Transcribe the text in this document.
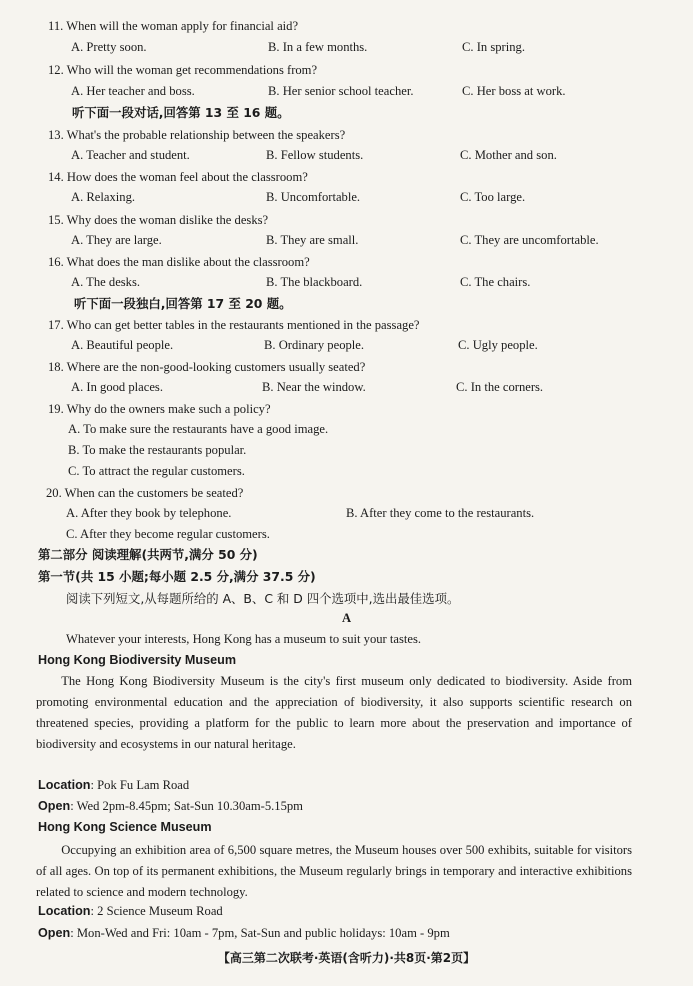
11. When will the woman apply for financial aid?
A. Pretty soon.	B. In a few months.	C. In spring.
12. Who will the woman get recommendations from?
A. Her teacher and boss.	B. Her senior school teacher.	C. Her boss at work.
听下面一段对话,回答第 13 至 16 题。
13. What's the probable relationship between the speakers?
A. Teacher and student.	B. Fellow students.	C. Mother and son.
14. How does the woman feel about the classroom?
A. Relaxing.	B. Uncomfortable.	C. Too large.
15. Why does the woman dislike the desks?
A. They are large.	B. They are small.	C. They are uncomfortable.
16. What does the man dislike about the classroom?
A. The desks.	B. The blackboard.	C. The chairs.
听下面一段独白,回答第 17 至 20 题。
17. Who can get better tables in the restaurants mentioned in the passage?
A. Beautiful people.	B. Ordinary people.	C. Ugly people.
18. Where are the non-good-looking customers usually seated?
A. In good places.	B. Near the window.	C. In the corners.
19. Why do the owners make such a policy?
A. To make sure the restaurants have a good image.
B. To make the restaurants popular.
C. To attract the regular customers.
20. When can the customers be seated?
A. After they book by telephone.	B. After they come to the restaurants.
C. After they become regular customers.
第二部分 阅读理解(共两节,满分 50 分)
第一节(共 15 小题;每小题 2.5 分,满分 37.5 分)
阅读下列短文,从每题所给的 A、B、C 和 D 四个选项中,选出最佳选项。
A
Whatever your interests, Hong Kong has a museum to suit your tastes.
Hong Kong Biodiversity Museum
The Hong Kong Biodiversity Museum is the city's first museum only dedicated to biodiversity. Aside from promoting environmental education and the appreciation of biodiversity, it also supports scientific research on threatened species, providing a platform for the public to learn more about the preservation and importance of biodiversity and ecosystems in our natural heritage.
Location: Pok Fu Lam Road
Open: Wed 2pm-8.45pm; Sat-Sun 10.30am-5.15pm
Hong Kong Science Museum
Occupying an exhibition area of 6,500 square metres, the Museum houses over 500 exhibits, suitable for visitors of all ages. On top of its permanent exhibitions, the Museum regularly brings in temporary and interactive exhibitions related to science and modern technology.
Location: 2 Science Museum Road
Open: Mon-Wed and Fri: 10am - 7pm, Sat-Sun and public holidays: 10am - 9pm
【高三第二次联考·英语(含听力)·共8页·第2页】
